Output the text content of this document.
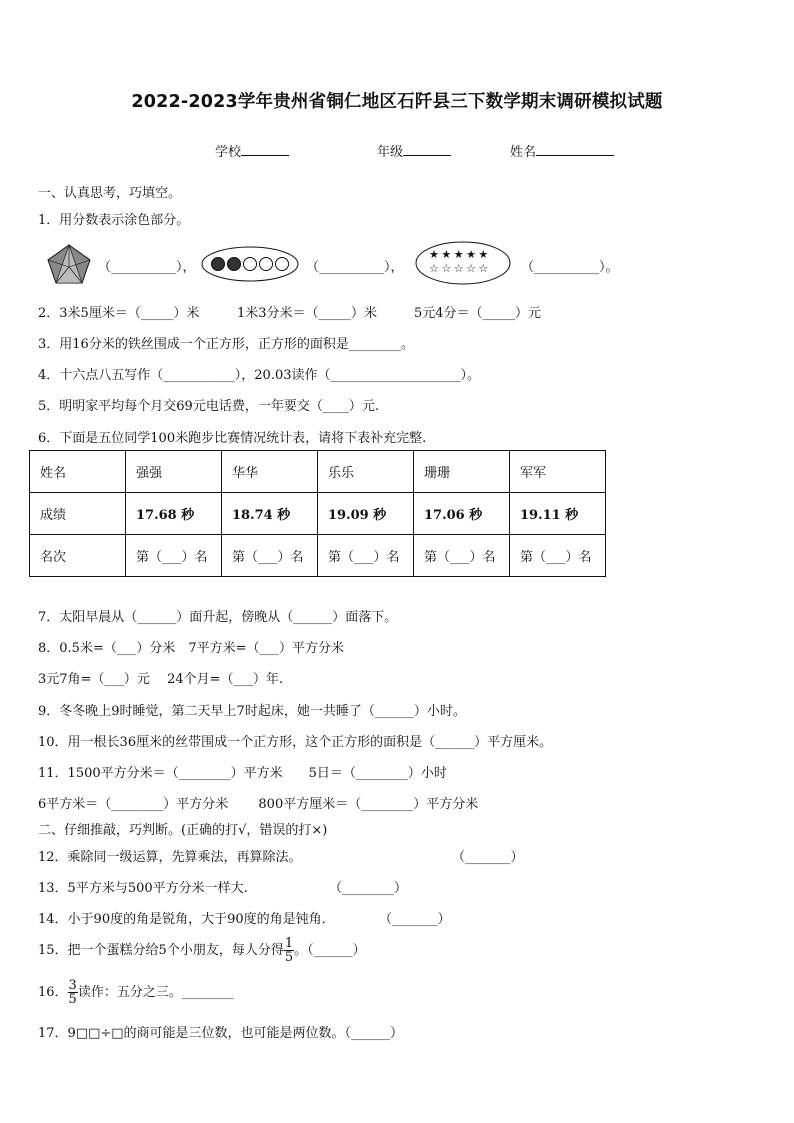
2022-2023学年贵州省铜仁地区石阡县三下数学期末调研模拟试题
学校	年级	姓名
一、认真思考，巧填空。
1．用分数表示涂色部分。
（__________），	（__________），
★ ★ ★ ★ ★
☆ ☆ ☆ ☆ ☆	（__________）。
2．3米5厘米＝（_____）米	1米3分米＝（_____）米	5元4分＝（_____）元
3．用16分米的铁丝围成一个正方形，正方形的面积是________。
4．十六点八五写作（___________），20.03读作（____________________）。
5．明明家平均每个月交69元电话费，一年要交（____）元.
6．下面是五位同学100米跑步比赛情况统计表，请将下表补充完整.
姓名	强强	华华	乐乐	珊珊	军军
成绩	17.68 秒	18.74 秒	19.09 秒	17.06 秒	19.11 秒
名次	第（___）名	第（___）名	第（___）名	第（___）名	第（___）名
7．太阳早晨从（______）面升起，傍晚从（______）面落下。
8．0.5米=（___）分米　7平方米=（___）平方分米
3元7角=（___）元　 24个月=（___）年.
9．冬冬晚上9时睡觉，第二天早上7时起床，她一共睡了（______）小时。
10．用一根长36厘米的丝带围成一个正方形，这个正方形的面积是（______）平方厘米。
11．1500平方分米＝（________）平方米　　5日＝（________）小时
6平方米＝（________）平方分米　　 800平方厘米＝（________）平方分米
二、仔细推敲，巧判断。(正确的打√，错误的打×)
12．乘除同一级运算，先算乘法，再算除法。	（_______）
13．5平方米与500平方分米一样大.	（________）
14．小于90度的角是锐角，大于90度的角是钝角．	（_______）
15．把一个蛋糕分给5个小朋友，每人分得 $\frac{1}{5}$ 。（______）
16． $\frac{3}{5}$ 读作：五分之三。________
17．9□□÷□的商可能是三位数，也可能是两位数。（______）
